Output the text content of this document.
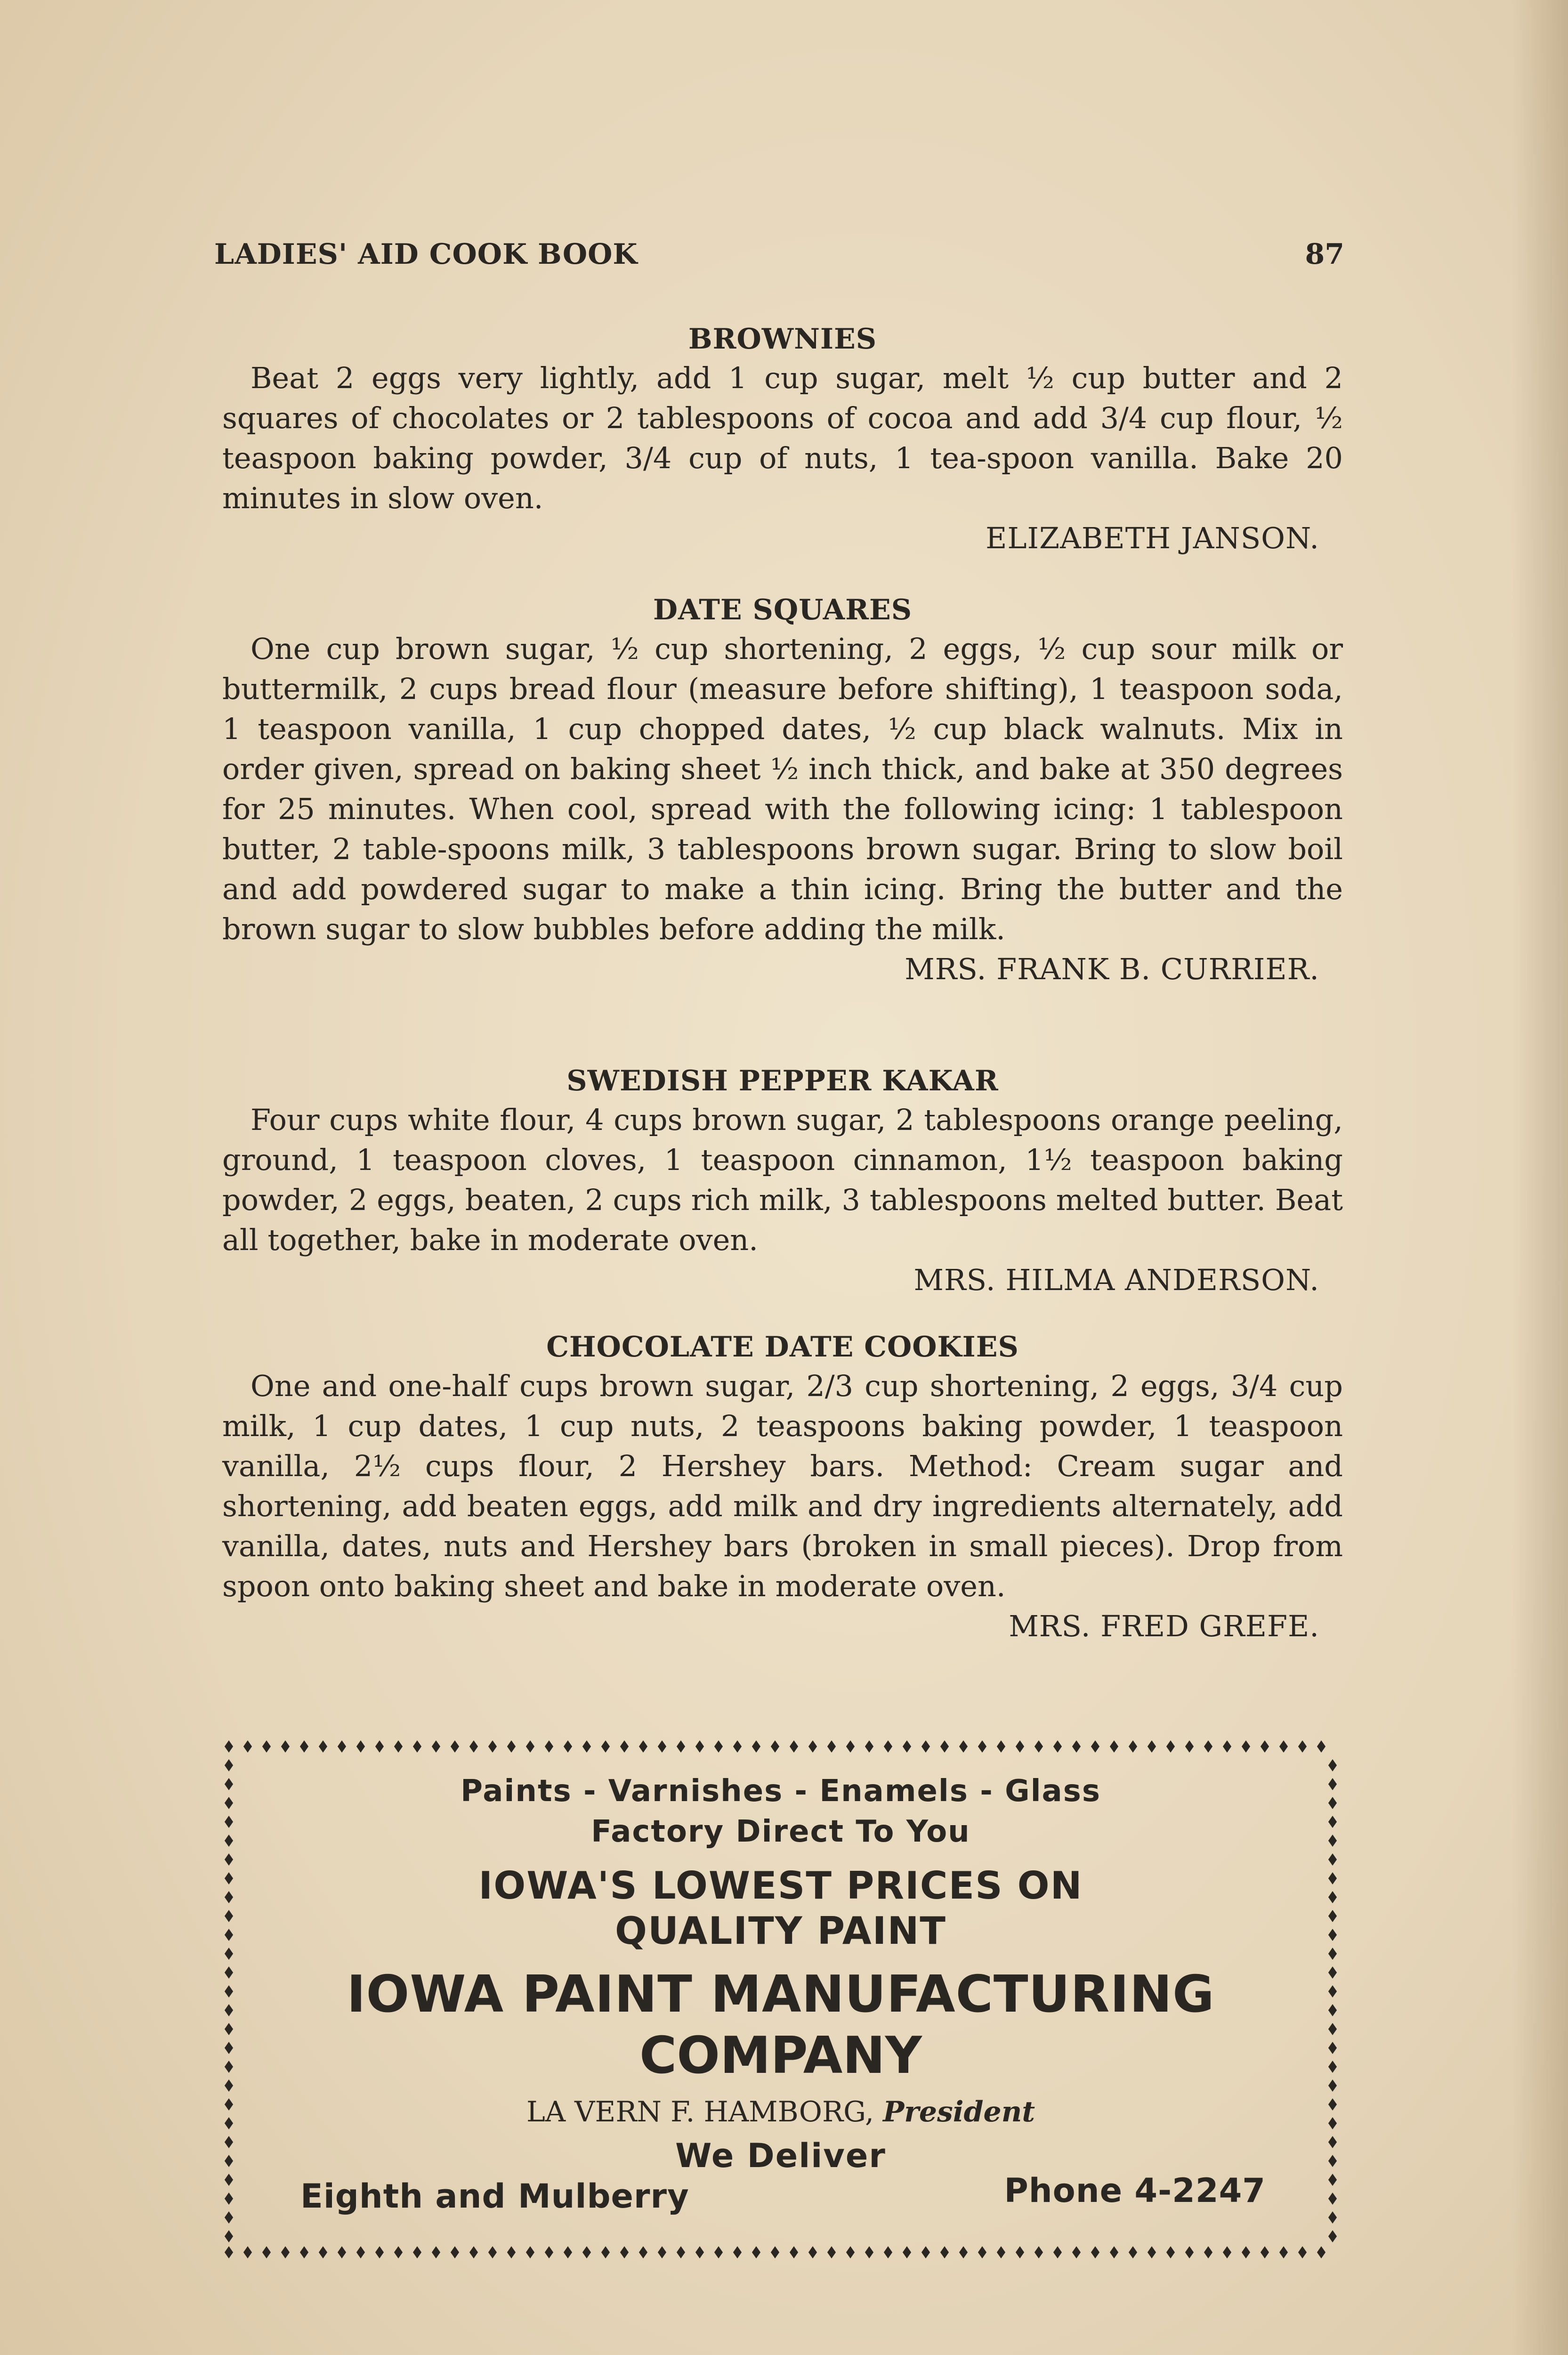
LADIES' AID COOK BOOK	87
BROWNIES
Beat 2 eggs very lightly, add 1 cup sugar, melt ½ cup butter and 2 squares of chocolates or 2 tablespoons of cocoa and add 3/4 cup flour, ½ teaspoon baking powder, 3/4 cup of nuts, 1 tea-spoon vanilla. Bake 20 minutes in slow oven.
ELIZABETH JANSON.
DATE SQUARES
One cup brown sugar, ½ cup shortening, 2 eggs, ½ cup sour milk or buttermilk, 2 cups bread flour (measure before shifting), 1 teaspoon soda, 1 teaspoon vanilla, 1 cup chopped dates, ½ cup black walnuts. Mix in order given, spread on baking sheet ½ inch thick, and bake at 350 degrees for 25 minutes. When cool, spread with the following icing: 1 tablespoon butter, 2 table-spoons milk, 3 tablespoons brown sugar. Bring to slow boil and add powdered sugar to make a thin icing. Bring the butter and the brown sugar to slow bubbles before adding the milk.
MRS. FRANK B. CURRIER.
SWEDISH PEPPER KAKAR
Four cups white flour, 4 cups brown sugar, 2 tablespoons orange peeling, ground, 1 teaspoon cloves, 1 teaspoon cinnamon, 1½ teaspoon baking powder, 2 eggs, beaten, 2 cups rich milk, 3 tablespoons melted butter. Beat all together, bake in moderate oven.
MRS. HILMA ANDERSON.
CHOCOLATE DATE COOKIES
One and one-half cups brown sugar, 2/3 cup shortening, 2 eggs, 3/4 cup milk, 1 cup dates, 1 cup nuts, 2 teaspoons baking powder, 1 teaspoon vanilla, 2½ cups flour, 2 Hershey bars. Method: Cream sugar and shortening, add beaten eggs, add milk and dry ingredients alternately, add vanilla, dates, nuts and Hershey bars (broken in small pieces). Drop from spoon onto baking sheet and bake in moderate oven.
MRS. FRED GREFE.
Paints - Varnishes - Enamels - Glass
Factory Direct To You
IOWA'S LOWEST PRICES ON
QUALITY PAINT
IOWA PAINT MANUFACTURING
COMPANY
LA VERN F. HAMBORG, President
We Deliver
Eighth and Mulberry	Phone 4-2247
